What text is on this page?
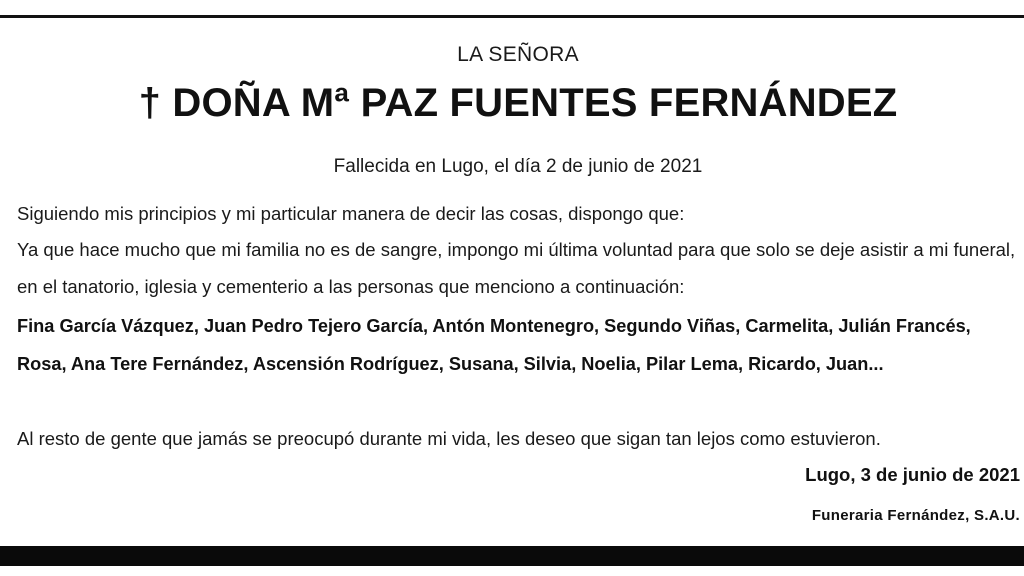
LA SEÑORA
† DOÑA Mª PAZ FUENTES FERNÁNDEZ
Fallecida en Lugo, el día 2 de junio de 2021

Siguiendo mis principios y mi particular manera de decir las cosas, dispongo que:

Ya que hace mucho que mi familia no es de sangre, impongo mi última voluntad para que solo se deje asistir a mi funeral, en el tanatorio, iglesia y cementerio a las personas que menciono a continuación:

Fina García Vázquez, Juan Pedro Tejero García, Antón Montenegro, Segundo Viñas, Carmelita, Julián Francés, Rosa, Ana Tere Fernández, Ascensión Rodríguez, Susana, Silvia, Noelia, Pilar Lema, Ricardo, Juan...

Al resto de gente que jamás se preocupó durante mi vida, les deseo que sigan tan lejos como estuvieron.

Lugo, 3 de junio de 2021
Funeraria Fernández, S.A.U.
